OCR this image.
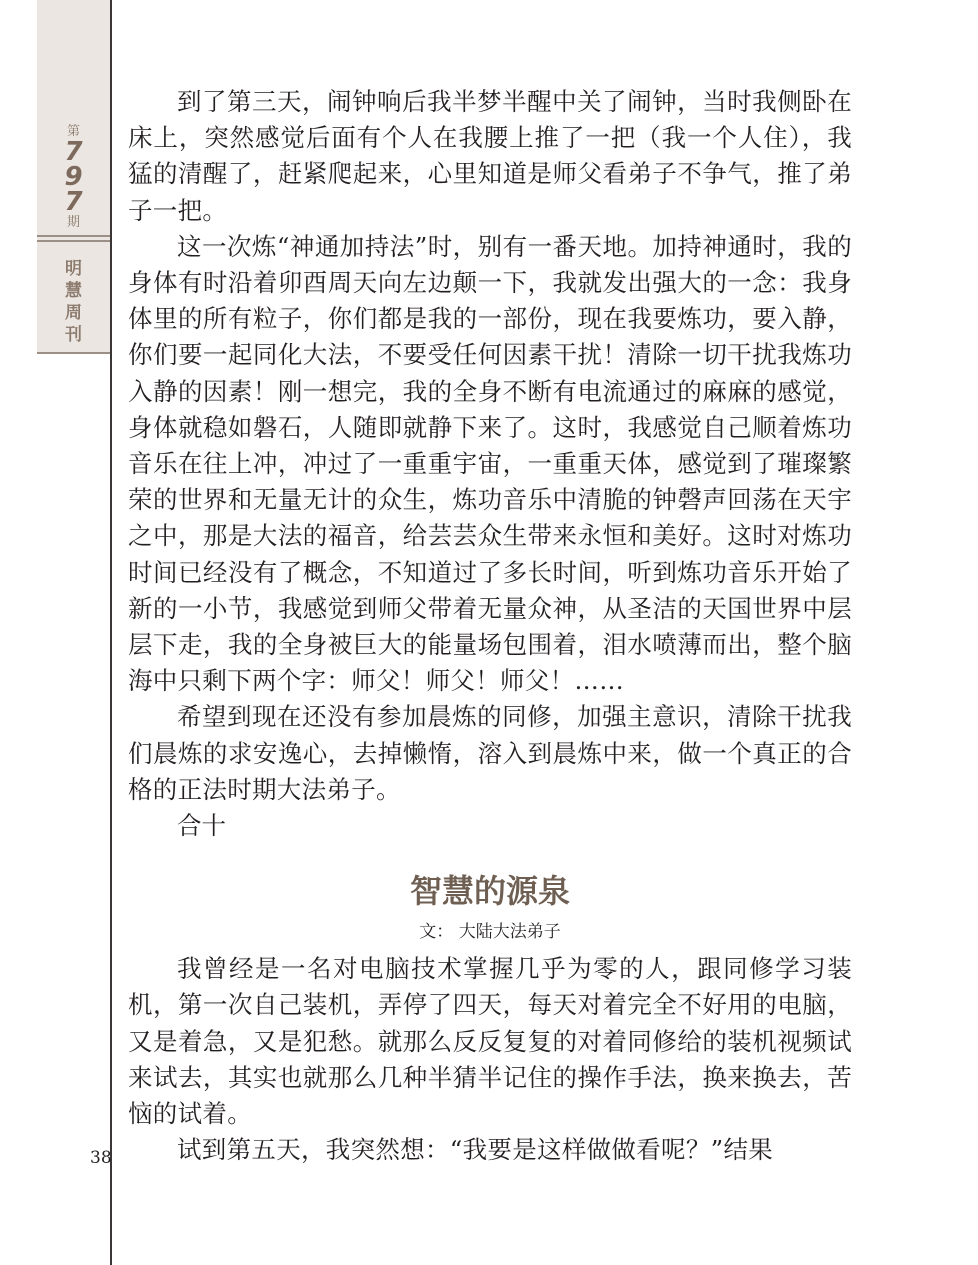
第
7
9
7
期
明
慧
周
刊

到了第三天，闹钟响后我半梦半醒中关了闹钟，当时我侧卧在床上，突然感觉后面有个人在我腰上推了一把（我一个人住），我猛的清醒了，赶紧爬起来，心里知道是师父看弟子不争气，推了弟子一把。

这一次炼“神通加持法”时，别有一番天地。加持神通时，我的身体有时沿着卯酉周天向左边颠一下，我就发出强大的一念：我身体里的所有粒子，你们都是我的一部份，现在我要炼功，要入静，你们要一起同化大法，不要受任何因素干扰！清除一切干扰我炼功入静的因素！刚一想完，我的全身不断有电流通过的麻麻的感觉，身体就稳如磐石，人随即就静下来了。这时，我感觉自己顺着炼功音乐在往上冲，冲过了一重重宇宙，一重重天体，感觉到了璀璨繁荣的世界和无量无计的众生，炼功音乐中清脆的钟磬声回荡在天宇之中，那是大法的福音，给芸芸众生带来永恒和美好。这时对炼功时间已经没有了概念，不知道过了多长时间，听到炼功音乐开始了新的一小节，我感觉到师父带着无量众神，从圣洁的天国世界中层层下走，我的全身被巨大的能量场包围着，泪水喷薄而出，整个脑海中只剩下两个字：师父！师父！师父！……

希望到现在还没有参加晨炼的同修，加强主意识，清除干扰我们晨炼的求安逸心，去掉懒惰，溶入到晨炼中来，做一个真正的合格的正法时期大法弟子。

合十

智慧的源泉
文： 大陆大法弟子

我曾经是一名对电脑技术掌握几乎为零的人，跟同修学习装机，第一次自己装机，弄停了四天，每天对着完全不好用的电脑，又是着急，又是犯愁。就那么反反复复的对着同修给的装机视频试来试去，其实也就那么几种半猜半记住的操作手法，换来换去，苦恼的试着。

试到第五天，我突然想：“我要是这样做做看呢？”结果

38
